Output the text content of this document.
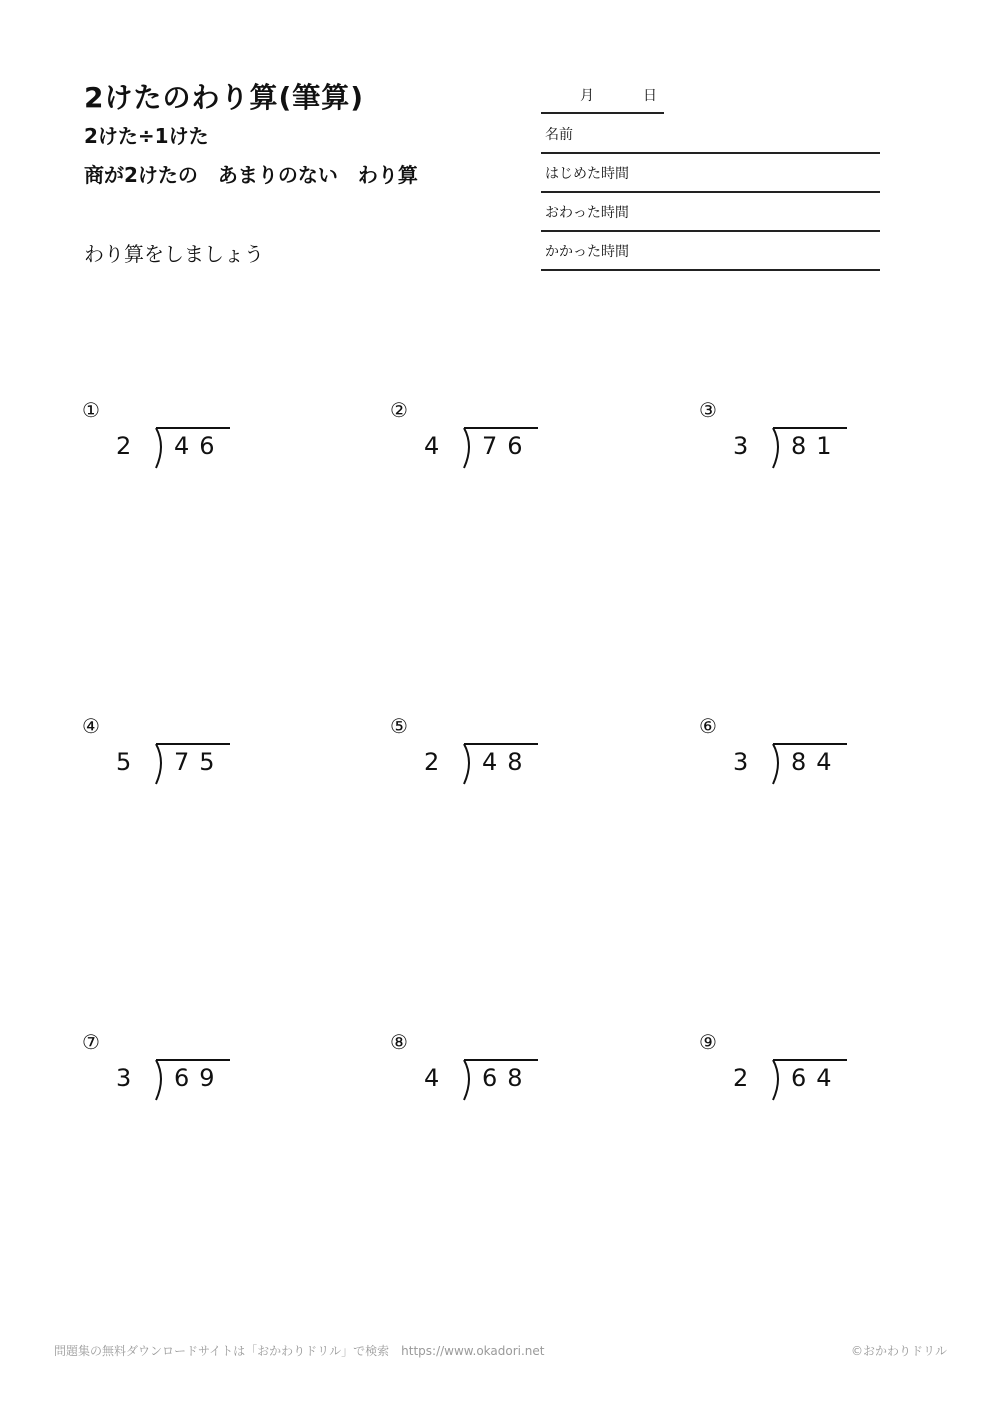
2けたのわり算(筆算)
2けた÷1けた
商が2けたの　あまりのない　わり算
わり算をしましょう
月	日
名前
はじめた時間
おわった時間
かかった時間
①
2 46
②
4 76
③
3 81
④
5 75
⑤
2 48
⑥
3 84
⑦
3 69
⑧
4 68
⑨
2 64
問題集の無料ダウンロードサイトは「おかわりドリル」で検索　https://www.okadori.net	©おかわりドリル
